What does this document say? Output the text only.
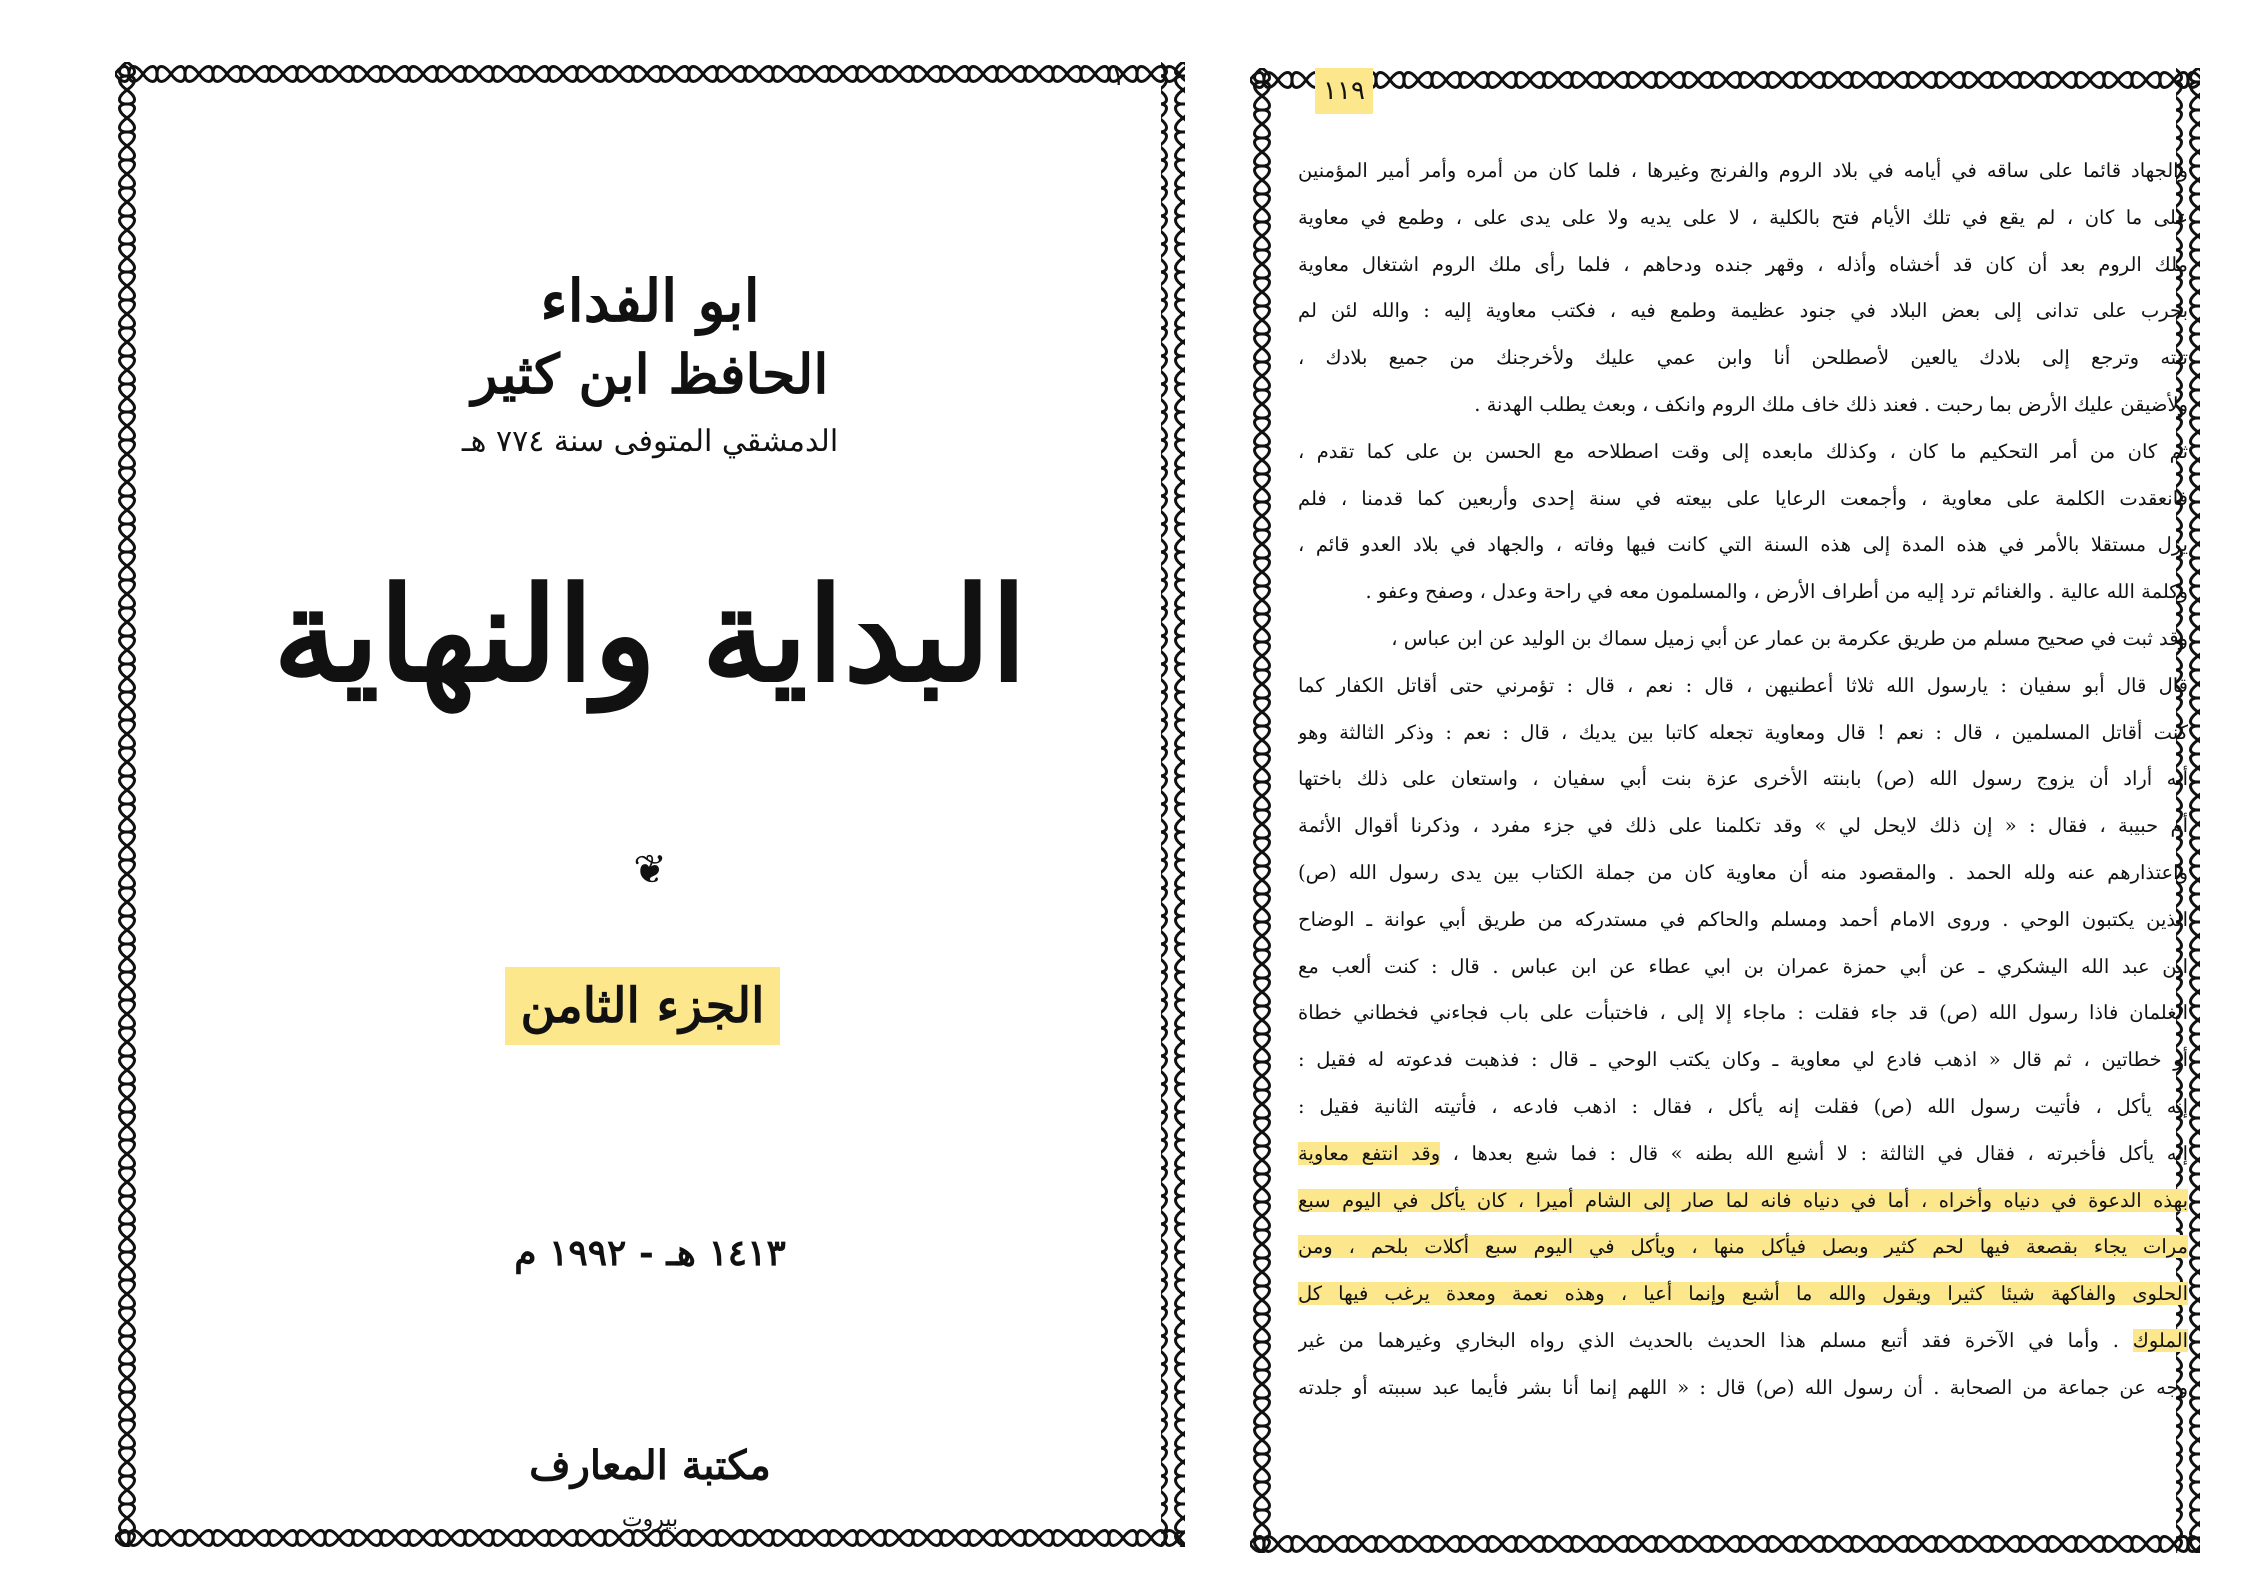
ابو الفداء

الحافظ ابن كثير

الدمشقي المتوفى سنة ٧٧٤ هـ

البداية والنهاية

❦

الجزء الثامن

١٤١٣ هـ - ١٩٩٢ م

مكتبة المعارف

بيروت

١	١١٩

والجهاد قائما على ساقه في أيامه في بلاد الروم والفرنج وغيرها ، فلما كان من أمره وأمر أمير المؤمنين
على ما كان ، لم يقع في تلك الأيام فتح بالكلية ، لا على يديه ولا على يدى على ، وطمع في معاوية
ملك الروم بعد أن كان قد أخشاه وأذله ، وقهر جنده ودحاهم ، فلما رأى ملك الروم اشتغال معاوية
بحرب على تدانى إلى بعض البلاد في جنود عظيمة وطمع فيه ، فكتب معاوية إليه : والله لئن لم
تنته وترجع إلى بلادك يالعين لأصطلحن أنا وابن عمي عليك ولأخرجنك من جميع بلادك ،
ولأضيقن عليك الأرض بما رحبت . فعند ذلك خاف ملك الروم وانكف ، وبعث يطلب الهدنة .
ثم كان من أمر التحكيم ما كان ، وكذلك مابعده إلى وقت اصطلاحه مع الحسن بن على كما تقدم ،
فانعقدت الكلمة على معاوية ، وأجمعت الرعايا على بيعته في سنة إحدى وأربعين كما قدمنا ، فلم
يزل مستقلا بالأمر في هذه المدة إلى هذه السنة التي كانت فيها وفاته ، والجهاد في بلاد العدو قائم ،
وكلمة الله عالية . والغنائم ترد إليه من أطراف الأرض ، والمسلمون معه في راحة وعدل ، وصفح وعفو .
وقد ثبت في صحيح مسلم من طريق عكرمة بن عمار عن أبي زميل سماك بن الوليد عن ابن عباس ،
قال قال أبو سفيان : يارسول الله ثلاثا أعطنيهن ، قال : نعم ، قال : تؤمرني حتى أقاتل الكفار كما
كنت أقاتل المسلمين ، قال : نعم ! قال ومعاوية تجعله كاتبا بين يديك ، قال : نعم : وذكر الثالثة وهو
أنه أراد أن يزوج رسول الله (ص) بابنته الأخرى عزة بنت أبي سفيان ، واستعان على ذلك باختها
أم حبيبة ، فقال : « إن ذلك لايحل لي » وقد تكلمنا على ذلك في جزء مفرد ، وذكرنا أقوال الأئمة
واعتذارهم عنه ولله الحمد . والمقصود منه أن معاوية كان من جملة الكتاب بين يدى رسول الله (ص)
الذين يكتبون الوحي . وروى الامام أحمد ومسلم والحاكم في مستدركه من طريق أبي عوانة ـ الوضاح
ابن عبد الله اليشكري ـ عن أبي حمزة عمران بن ابي عطاء عن ابن عباس . قال : كنت ألعب مع
الغلمان فاذا رسول الله (ص) قد جاء فقلت : ماجاء إلا إلى ، فاختبأت على باب فجاءني فخطاني خطاة
أو خطاتين ، ثم قال « اذهب فادع لي معاوية ـ وكان يكتب الوحي ـ قال : فذهبت فدعوته له فقيل :
إنه يأكل ، فأتيت رسول الله (ص) فقلت إنه يأكل ، فقال : اذهب فادعه ، فأتيته الثانية فقيل :
إنه يأكل فأخبرته ، فقال في الثالثة : لا أشبع الله بطنه » قال : فما شبع بعدها ، وقد انتفع معاوية
بهذه الدعوة في دنياه وأخراه ، أما في دنياه فانه لما صار إلى الشام أميرا ، كان يأكل في اليوم سبع
مرات يجاء بقصعة فيها لحم كثير وبصل فيأكل منها ، ويأكل في اليوم سبع أكلات بلحم ، ومن
الحلوى والفاكهة شيئا كثيرا ويقول والله ما أشبع وإنما أعيا ، وهذه نعمة ومعدة يرغب فيها كل
الملوك . وأما في الآخرة فقد أتبع مسلم هذا الحديث بالحديث الذي رواه البخاري وغيرهما من غير
وجه عن جماعة من الصحابة . أن رسول الله (ص) قال : « اللهم إنما أنا بشر فأيما عبد سببته أو جلدته
